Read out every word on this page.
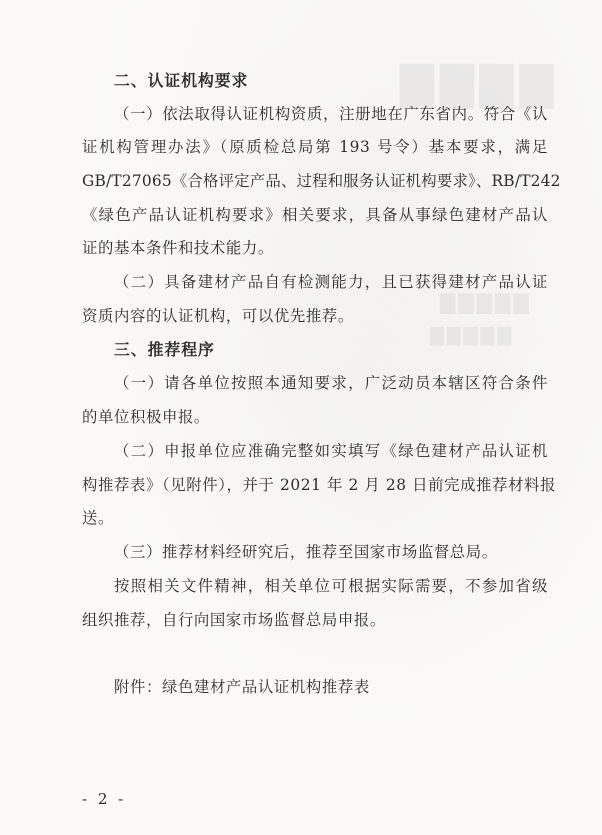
▇▇▇▇
▇▇▇▇▇
▇▇▇▇▇
二、认证机构要求
（一）依法取得认证机构资质，注册地在广东省内。符合《认
证机构管理办法》（原质检总局第 193 号令）基本要求，满足
GB/T27065《合格评定产品、过程和服务认证机构要求》、RB/T242
《绿色产品认证机构要求》相关要求，具备从事绿色建材产品认
证的基本条件和技术能力。
（二）具备建材产品自有检测能力，且已获得建材产品认证
资质内容的认证机构，可以优先推荐。
三、推荐程序
（一）请各单位按照本通知要求，广泛动员本辖区符合条件
的单位积极申报。
（二）申报单位应准确完整如实填写《绿色建材产品认证机
构推荐表》（见附件），并于 2021 年 2 月 28 日前完成推荐材料报
送。
（三）推荐材料经研究后，推荐至国家市场监督总局。
按照相关文件精神，相关单位可根据实际需要，不参加省级
组织推荐，自行向国家市场监督总局申报。
附件：绿色建材产品认证机构推荐表
- 2 -
